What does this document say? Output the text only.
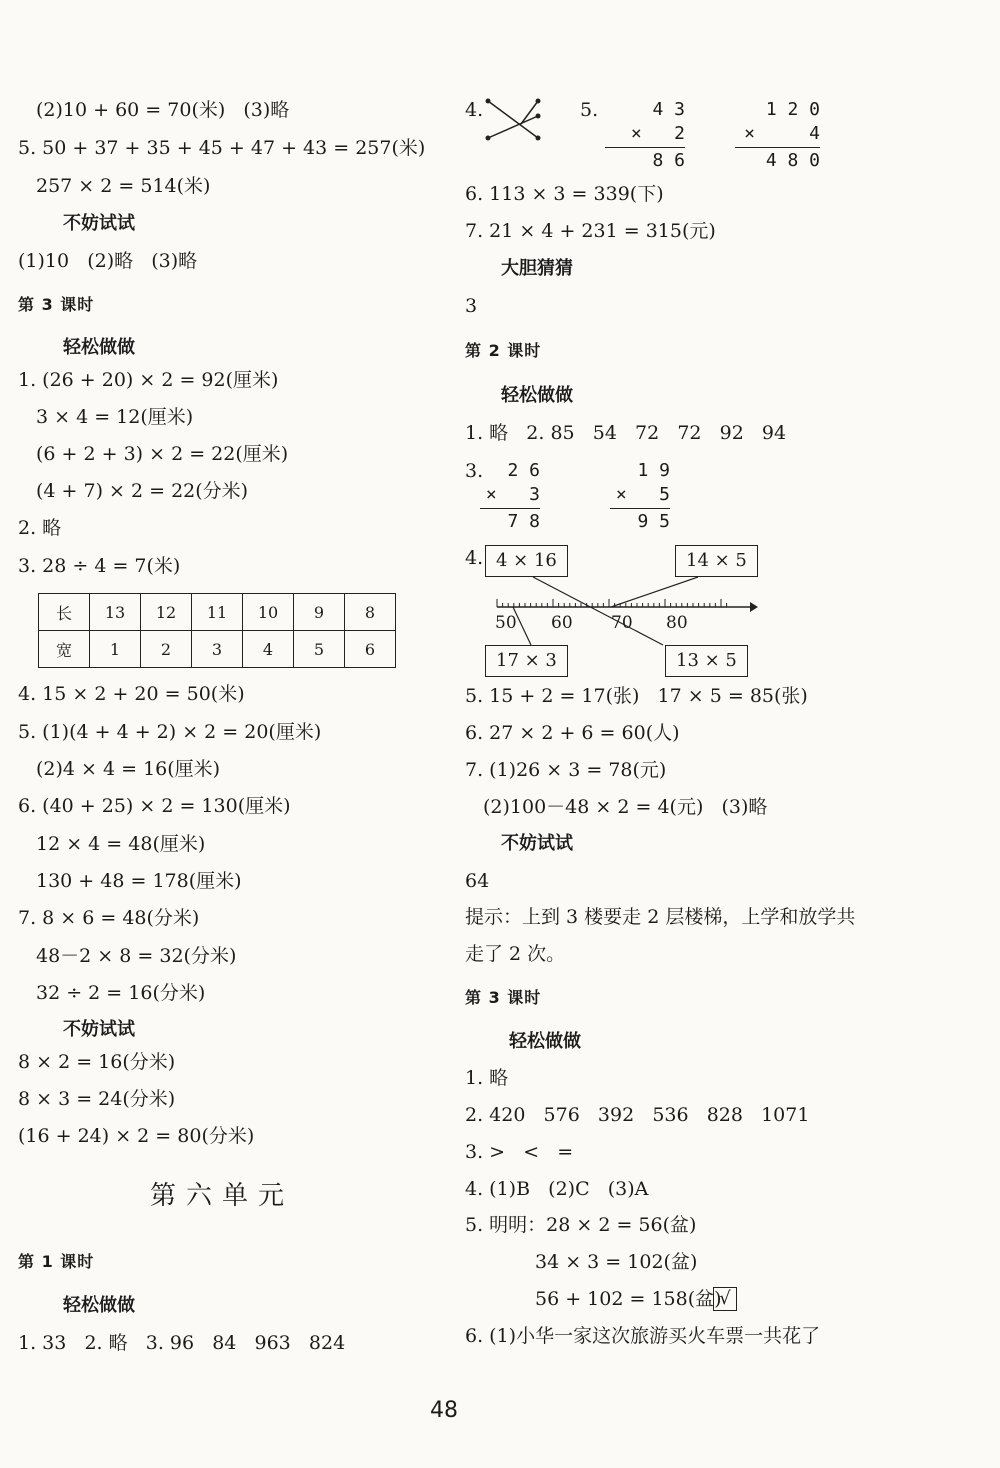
(2)10 + 60 = 70(米)   (3)略
5. 50 + 37 + 35 + 45 + 47 + 43 = 257(米)
257 × 2 = 514(米)
不妨试试
(1)10   (2)略   (3)略
第 3 课时
轻松做做
1. (26 + 20) × 2 = 92(厘米)
3 × 4 = 12(厘米)
(6 + 2 + 3) × 2 = 22(厘米)
(4 + 7) × 2 = 22(分米)
2. 略
3. 28 ÷ 4 = 7(米)
长	13	12	11	10	9	8
宽	1	2	3	4	5	6
4. 15 × 2 + 20 = 50(米)
5. (1)(4 + 4 + 2) × 2 = 20(厘米)
(2)4 × 4 = 16(厘米)
6. (40 + 25) × 2 = 130(厘米)
12 × 4 = 48(厘米)
130 + 48 = 178(厘米)
7. 8 × 6 = 48(分米)
48－2 × 8 = 32(分米)
32 ÷ 2 = 16(分米)
不妨试试
8 × 2 = 16(分米)
8 × 3 = 24(分米)
(16 + 24) × 2 = 80(分米)
第六单元
第 1 课时
轻松做做
1. 33   2. 略   3. 96   84   963   824
4.	5.	4 3
×   2
8 6
1 2 0
×     4
4 8 0
6. 113 × 3 = 339(下)
7. 21 × 4 + 231 = 315(元)
大胆猜猜
3
第 2 课时
轻松做做
1. 略   2. 85   54   72   72   92   94
3. 2 6
×   3
7 8
1 9
×   5
9 5
4. 4 × 16	14 × 5
17 × 3	13 × 5
50 60 70 80
5. 15 + 2 = 17(张)   17 × 5 = 85(张)
6. 27 × 2 + 6 = 60(人)
7. (1)26 × 3 = 78(元)
(2)100－48 × 2 = 4(元)   (3)略
不妨试试
64
提示：上到 3 楼要走 2 层楼梯，上学和放学共
走了 2 次。
第 3 课时
轻松做做
1. 略
2. 420   576   392   536   828   1071
3. >   <   =
4. (1)B   (2)C   (3)A
5. 明明：28 × 2 = 56(盆)
34 × 3 = 102(盆)
56 + 102 = 158(盆)
√
6. (1)小华一家这次旅游买火车票一共花了
48
